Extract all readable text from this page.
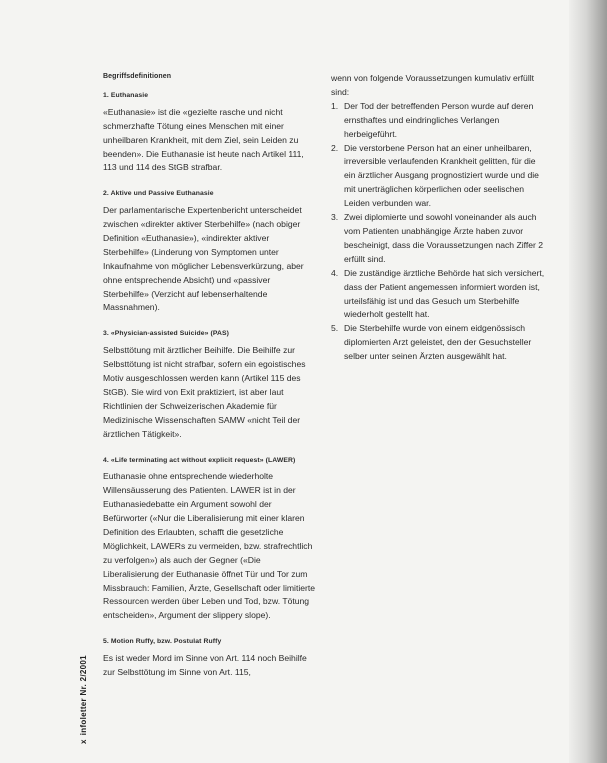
Begriffsdefinitionen
1. Euthanasie

«Euthanasie» ist die «gezielte rasche und nicht schmerzhafte Tötung eines Menschen mit einer unheilbaren Krankheit, mit dem Ziel, sein Leiden zu beenden». Die Euthanasie ist heute nach Artikel 111, 113 und 114 des StGB strafbar.

2. Aktive und Passive Euthanasie

Der parlamentarische Expertenbericht unterscheidet zwischen «direkter aktiver Sterbehilfe» (nach obiger Definition «Euthanasie»), «indirekter aktiver Sterbehilfe» (Linderung von Symptomen unter Inkaufnahme von möglicher Lebensverkürzung, aber ohne entsprechende Absicht) und «passiver Sterbehilfe» (Verzicht auf lebenserhaltende Massnahmen).

3. «Physician-assisted Suicide» (PAS)

Selbsttötung mit ärztlicher Beihilfe. Die Beihilfe zur Selbsttötung ist nicht strafbar, sofern ein egoistisches Motiv ausgeschlossen werden kann (Artikel 115 des StGB). Sie wird von Exit praktiziert, ist aber laut Richtlinien der Schweizerischen Akademie für Medizinische Wissenschaften SAMW «nicht Teil der ärztlichen Tätigkeit».

4. «Life terminating act without explicit request» (LAWER)

Euthanasie ohne entsprechende wiederholte Willensäusserung des Patienten. LAWER ist in der Euthanasiedebatte ein Argument sowohl der Befürworter («Nur die Liberalisierung mit einer klaren Definition des Erlaubten, schafft die gesetzliche Möglichkeit, LAWERs zu vermeiden, bzw. strafrechtlich zu verfolgen») als auch der Gegner («Die Liberalisierung der Euthanasie öffnet Tür und Tor zum Missbrauch: Familien, Ärzte, Gesellschaft oder limitierte Ressourcen werden über Leben und Tod, bzw. Tötung entscheiden», Argument der slippery slope).

5. Motion Ruffy, bzw. Postulat Ruffy

Es ist weder Mord im Sinne von Art. 114 noch Beihilfe zur Selbsttötung im Sinne von Art. 115,

wenn von folgende Voraussetzungen kumulativ erfüllt sind:

1. Der Tod der betreffenden Person wurde auf deren ernsthaftes und eindringliches Verlangen herbeigeführt.
2. Die verstorbene Person hat an einer unheilbaren, irreversible verlaufenden Krankheit gelitten, für die ein ärztlicher Ausgang prognostiziert wurde und die mit unerträglichen körperlichen oder seelischen Leiden verbunden war.
3. Zwei diplomierte und sowohl voneinander als auch vom Patienten unabhängige Ärzte haben zuvor bescheinigt, dass die Voraussetzungen nach Ziffer 2 erfüllt sind.
4. Die zuständige ärztliche Behörde hat sich versichert, dass der Patient angemessen informiert worden ist, urteilsfähig ist und das Gesuch um Sterbehilfe wiederholt gestellt hat.
5. Die Sterbehilfe wurde von einem eidgenössisch diplomierten Arzt geleistet, den der Gesuchsteller selber unter seinen Ärzten ausgewählt hat.
xinfoletter Nr. 2/2001
